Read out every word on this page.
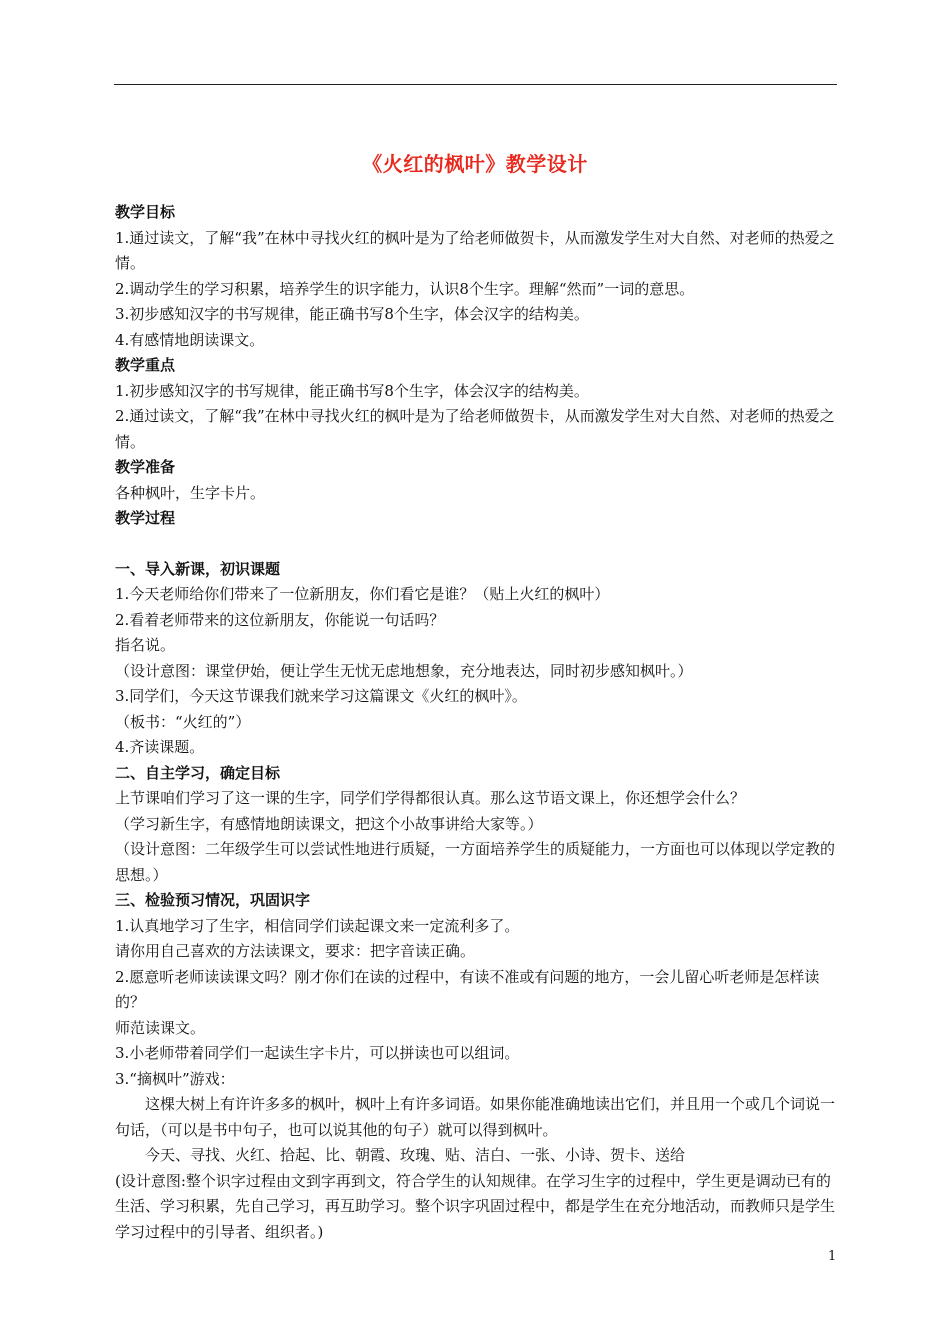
《火红的枫叶》教学设计

教学目标

1.通过读文，了解“我”在林中寻找火红的枫叶是为了给老师做贺卡，从而激发学生对大自然、对老师的热爱之情。

2.调动学生的学习积累，培养学生的识字能力，认识8个生字。理解“然而”一词的意思。

3.初步感知汉字的书写规律，能正确书写8个生字，体会汉字的结构美。

4.有感情地朗读课文。

教学重点

1.初步感知汉字的书写规律，能正确书写8个生字，体会汉字的结构美。

2.通过读文，了解“我”在林中寻找火红的枫叶是为了给老师做贺卡，从而激发学生对大自然、对老师的热爱之情。

教学准备

各种枫叶，生字卡片。

教学过程

一、导入新课，初识课题

1.今天老师给你们带来了一位新朋友，你们看它是谁？（贴上火红的枫叶）

2.看着老师带来的这位新朋友，你能说一句话吗？

指名说。

（设计意图：课堂伊始，便让学生无忧无虑地想象，充分地表达，同时初步感知枫叶。）

3.同学们，今天这节课我们就来学习这篇课文《火红的枫叶》。

（板书：“火红的”）

4.齐读课题。

二、自主学习，确定目标

上节课咱们学习了这一课的生字，同学们学得都很认真。那么这节语文课上，你还想学会什么？

（学习新生字，有感情地朗读课文，把这个小故事讲给大家等。）

（设计意图：二年级学生可以尝试性地进行质疑，一方面培养学生的质疑能力，一方面也可以体现以学定教的思想。）

三、检验预习情况，巩固识字

1.认真地学习了生字，相信同学们读起课文来一定流利多了。

请你用自己喜欢的方法读课文，要求：把字音读正确。

2.愿意听老师读读课文吗？刚才你们在读的过程中，有读不准或有问题的地方，一会儿留心听老师是怎样读的？

师范读课文。

3.小老师带着同学们一起读生字卡片，可以拼读也可以组词。

3.“摘枫叶”游戏：

这棵大树上有许许多多的枫叶，枫叶上有许多词语。如果你能准确地读出它们，并且用一个或几个词说一句话，（可以是书中句子，也可以说其他的句子）就可以得到枫叶。

今天、寻找、火红、拾起、比、朝霞、玫瑰、贴、洁白、一张、小诗、贺卡、送给

(设计意图:整个识字过程由文到字再到文，符合学生的认知规律。在学习生字的过程中，学生更是调动已有的生活、学习积累，先自己学习，再互助学习。整个识字巩固过程中，都是学生在充分地活动，而教师只是学生学习过程中的引导者、组织者。)

1
